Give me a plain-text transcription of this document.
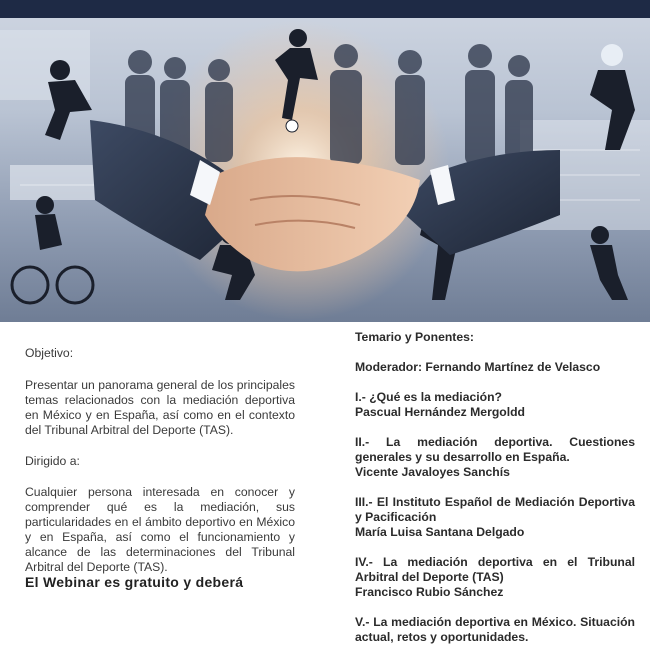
Objetivo:

Presentar un panorama general de los principales temas relacionados con la mediación deportiva en México y en España, así como en el contexto del Tribunal Arbitral del Deporte (TAS).

Dirigido a:

Cualquier persona interesada en conocer y comprender qué es la mediación, sus particularidades en el ámbito deportivo en México y en España, así como el funcionamiento y alcance de las determinaciones del Tribunal Arbitral del Deporte (TAS).

El Webinar es gratuito y deberá

Temario y Ponentes:

Moderador: Fernando Martínez de Velasco

I.- ¿Qué es la mediación?

Pascual Hernández Mergoldd

II.- La mediación deportiva. Cuestiones generales y su desarrollo en España.

Vicente Javaloyes Sanchís

III.- El Instituto Español de Mediación Deportiva y Pacificación

María Luisa Santana Delgado

IV.- La mediación deportiva en el Tribunal Arbitral del Deporte (TAS)

Francisco Rubio Sánchez

V.- La mediación deportiva en México. Situación actual, retos y oportunidades.
